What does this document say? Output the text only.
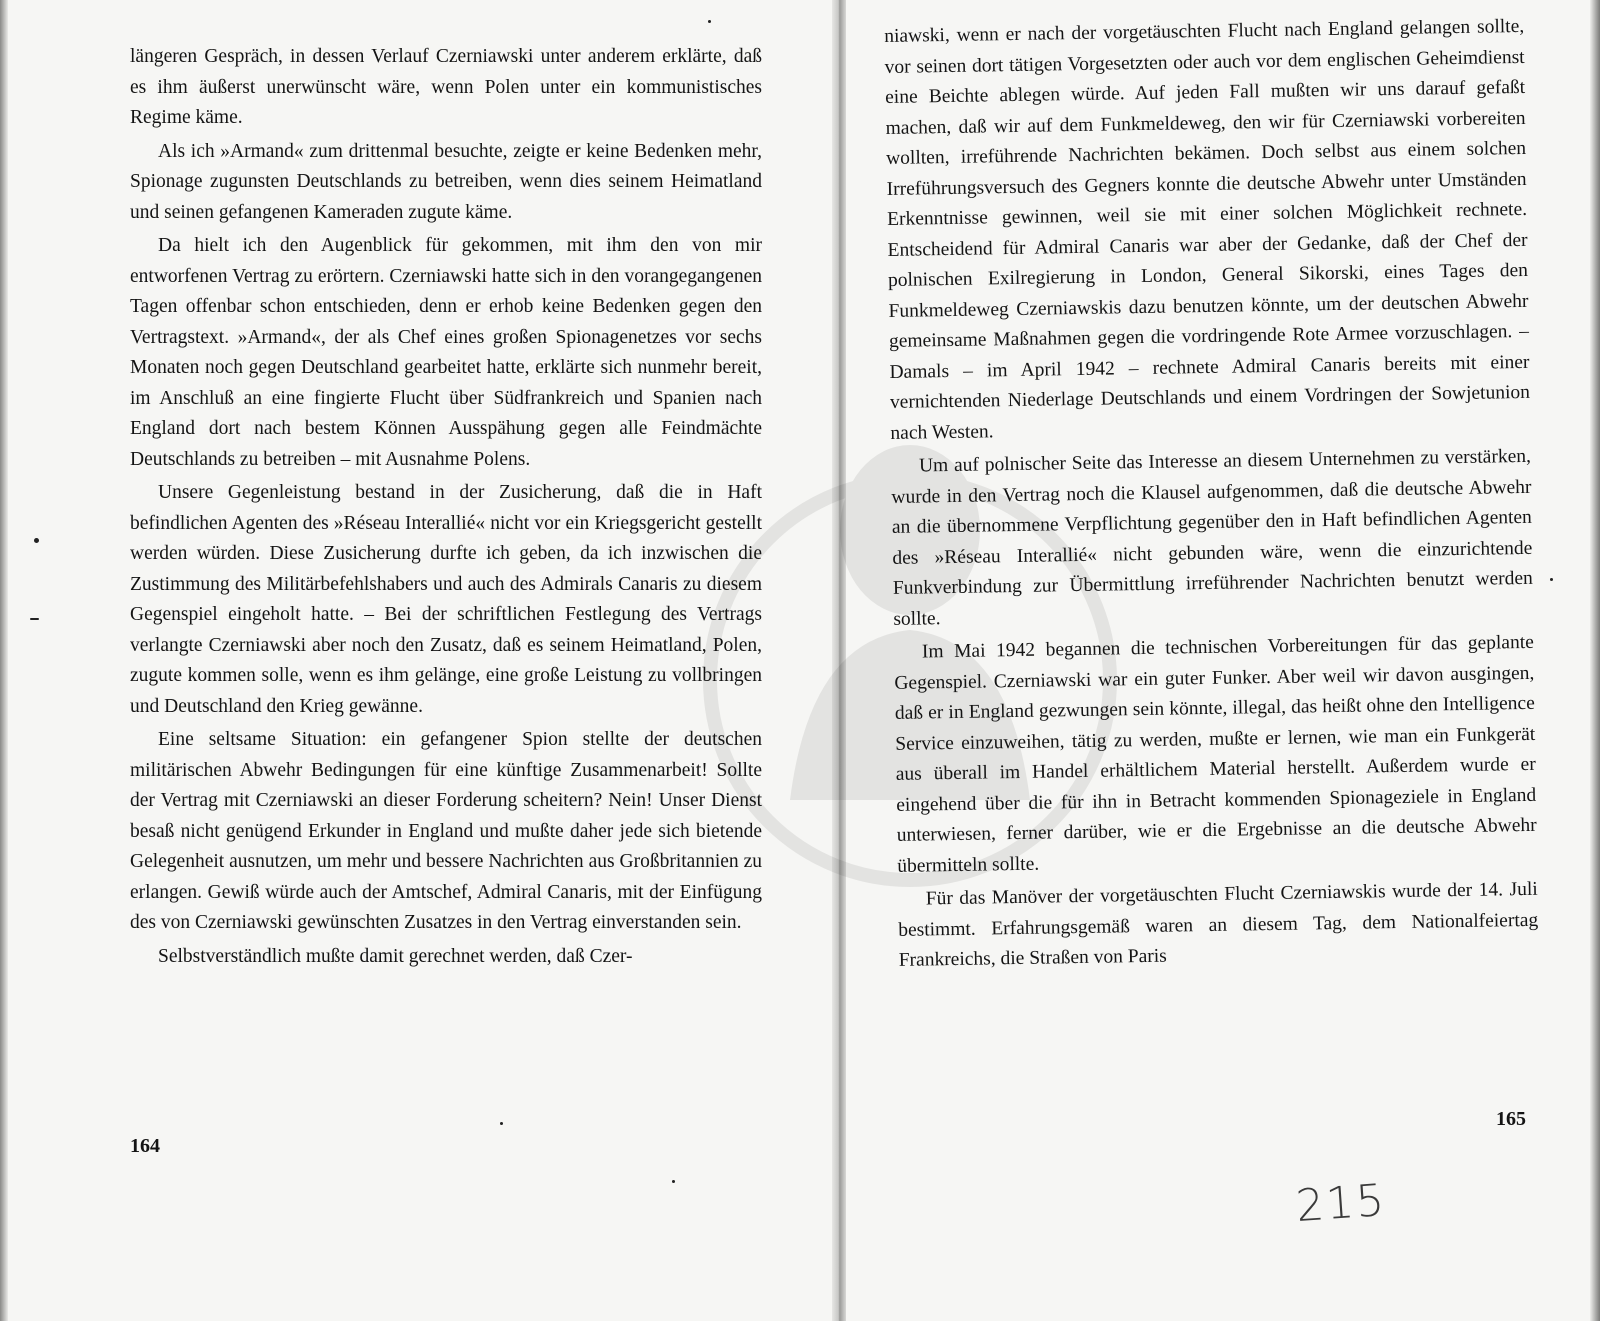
längeren Gespräch, in dessen Verlauf Czerniawski unter anderem erklärte, daß es ihm äußerst unerwünscht wäre, wenn Polen unter ein kommunistisches Regime käme.

Als ich »Armand« zum drittenmal besuchte, zeigte er keine Bedenken mehr, Spionage zugunsten Deutschlands zu betreiben, wenn dies seinem Heimatland und seinen gefangenen Kameraden zugute käme.

Da hielt ich den Augenblick für gekommen, mit ihm den von mir entworfenen Vertrag zu erörtern. Czerniawski hatte sich in den vorangegangenen Tagen offenbar schon entschieden, denn er erhob keine Bedenken gegen den Vertragstext. »Armand«, der als Chef eines großen Spionagenetzes vor sechs Monaten noch gegen Deutschland gearbeitet hatte, erklärte sich nunmehr bereit, im Anschluß an eine fingierte Flucht über Südfrankreich und Spanien nach England dort nach bestem Können Ausspähung gegen alle Feindmächte Deutschlands zu betreiben – mit Ausnahme Polens.

Unsere Gegenleistung bestand in der Zusicherung, daß die in Haft befindlichen Agenten des »Réseau Interallié« nicht vor ein Kriegsgericht gestellt werden würden. Diese Zusicherung durfte ich geben, da ich inzwischen die Zustimmung des Militärbefehlshabers und auch des Admirals Canaris zu diesem Gegenspiel eingeholt hatte. – Bei der schriftlichen Festlegung des Vertrags verlangte Czerniawski aber noch den Zusatz, daß es seinem Heimatland, Polen, zugute kommen solle, wenn es ihm gelänge, eine große Leistung zu vollbringen und Deutschland den Krieg gewänne.

Eine seltsame Situation: ein gefangener Spion stellte der deutschen militärischen Abwehr Bedingungen für eine künftige Zusammenarbeit! Sollte der Vertrag mit Czerniawski an dieser Forderung scheitern? Nein! Unser Dienst besaß nicht genügend Erkunder in England und mußte daher jede sich bietende Gelegenheit ausnutzen, um mehr und bessere Nachrichten aus Großbritannien zu erlangen. Gewiß würde auch der Amtschef, Admiral Canaris, mit der Einfügung des von Czerniawski gewünschten Zusatzes in den Vertrag einverstanden sein.

Selbstverständlich mußte damit gerechnet werden, daß Czer-

164

niawski, wenn er nach der vorgetäuschten Flucht nach England gelangen sollte, vor seinen dort tätigen Vorgesetzten oder auch vor dem englischen Geheimdienst eine Beichte ablegen würde. Auf jeden Fall mußten wir uns darauf gefaßt machen, daß wir auf dem Funkmeldeweg, den wir für Czerniawski vorbereiten wollten, irreführende Nachrichten bekämen. Doch selbst aus einem solchen Irreführungsversuch des Gegners konnte die deutsche Abwehr unter Umständen Erkenntnisse gewinnen, weil sie mit einer solchen Möglichkeit rechnete. Entscheidend für Admiral Canaris war aber der Gedanke, daß der Chef der polnischen Exilregierung in London, General Sikorski, eines Tages den Funkmeldeweg Czerniawskis dazu benutzen könnte, um der deutschen Abwehr gemeinsame Maßnahmen gegen die vordringende Rote Armee vorzuschlagen. – Damals – im April 1942 – rechnete Admiral Canaris bereits mit einer vernichtenden Niederlage Deutschlands und einem Vordringen der Sowjetunion nach Westen.

Um auf polnischer Seite das Interesse an diesem Unternehmen zu verstärken, wurde in den Vertrag noch die Klausel aufgenommen, daß die deutsche Abwehr an die übernommene Verpflichtung gegenüber den in Haft befindlichen Agenten des »Réseau Interallié« nicht gebunden wäre, wenn die einzurichtende Funkverbindung zur Übermittlung irreführender Nachrichten benutzt werden sollte.

Im Mai 1942 begannen die technischen Vorbereitungen für das geplante Gegenspiel. Czerniawski war ein guter Funker. Aber weil wir davon ausgingen, daß er in England gezwungen sein könnte, illegal, das heißt ohne den Intelligence Service einzuweihen, tätig zu werden, mußte er lernen, wie man ein Funkgerät aus überall im Handel erhältlichem Material herstellt. Außerdem wurde er eingehend über die für ihn in Betracht kommenden Spionageziele in England unterwiesen, ferner darüber, wie er die Ergebnisse an die deutsche Abwehr übermitteln sollte.

Für das Manöver der vorgetäuschten Flucht Czerniawskis wurde der 14. Juli bestimmt. Erfahrungsgemäß waren an diesem Tag, dem Nationalfeiertag Frankreichs, die Straßen von Paris

165
215
